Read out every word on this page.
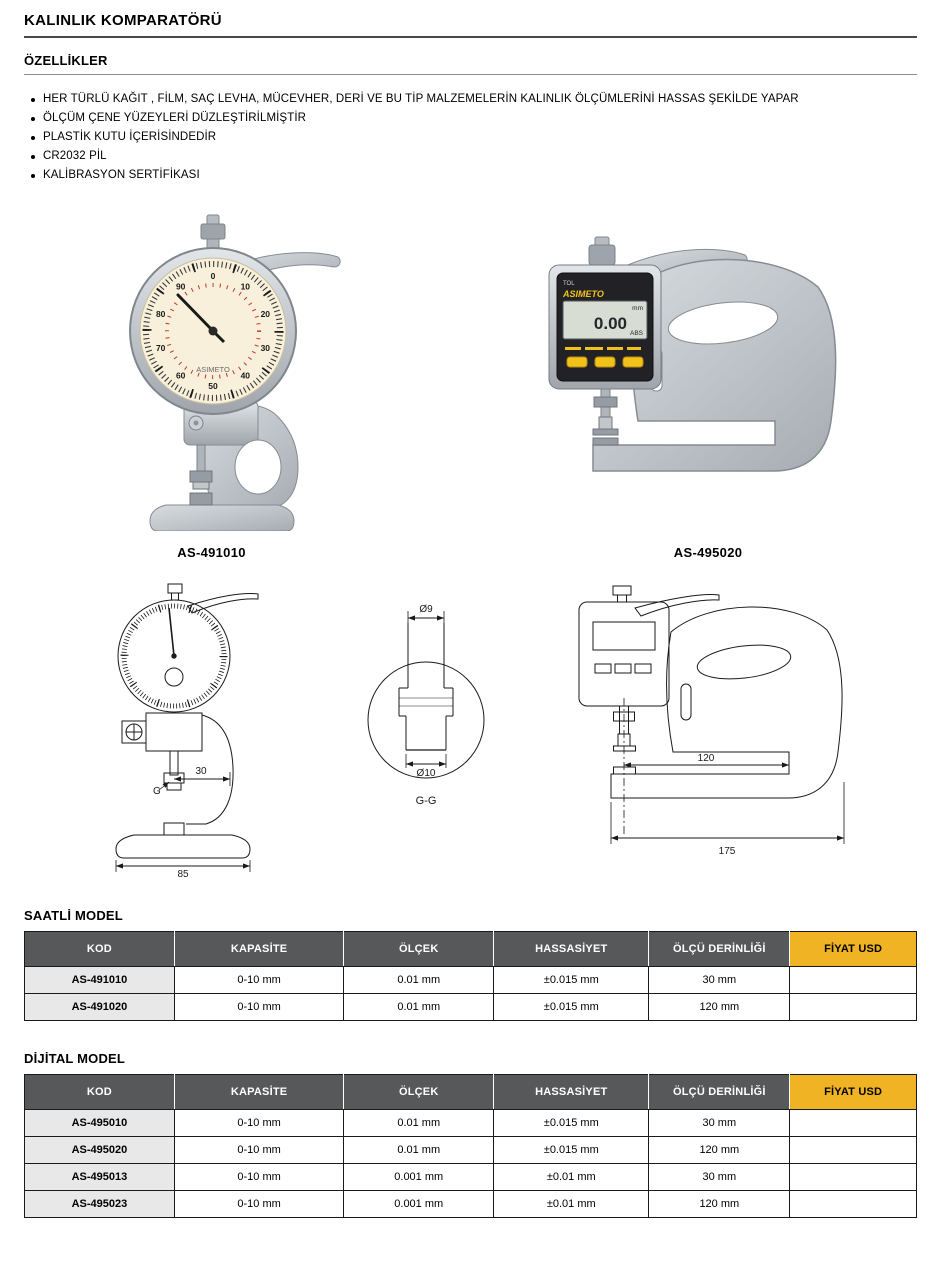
KALINLIK KOMPARATÖRÜ
ÖZELLİKLER
HER TÜRLÜ KAĞIT , FİLM, SAÇ LEVHA, MÜCEVHER, DERİ VE BU TİP MALZEMELERİN KALINLIK ÖLÇÜMLERİNİ HASSAS ŞEKİLDE YAPAR
ÖLÇÜM ÇENE YÜZEYLERİ DÜZLEŞTİRİLMİŞTİR
PLASTİK KUTU İÇERİSİNDEDİR
CR2032 PİL
KALİBRASYON SERTİFİKASI
0
10
20
30
40
50
60
70
80
90
ASIMETO
AS-491010
TOL
ASIMETO
mm
0.00
ABS
AS-495020
G
30
85
Ø9
Ø10
G-G
120
175
SAATLİ MODEL
KOD	KAPASİTE	ÖLÇEK	HASSASİYET	ÖLÇÜ DERİNLİĞİ	FİYAT USD
AS-491010	0-10 mm	0.01 mm	±0.015 mm	30 mm	
AS-491020	0-10 mm	0.01 mm	±0.015 mm	120 mm	
DİJİTAL MODEL
KOD	KAPASİTE	ÖLÇEK	HASSASİYET	ÖLÇÜ DERİNLİĞİ	FİYAT USD
AS-495010	0-10 mm	0.01 mm	±0.015 mm	30 mm	
AS-495020	0-10 mm	0.01 mm	±0.015 mm	120 mm	
AS-495013	0-10 mm	0.001 mm	±0.01 mm	30 mm	
AS-495023	0-10 mm	0.001 mm	±0.01 mm	120 mm	
